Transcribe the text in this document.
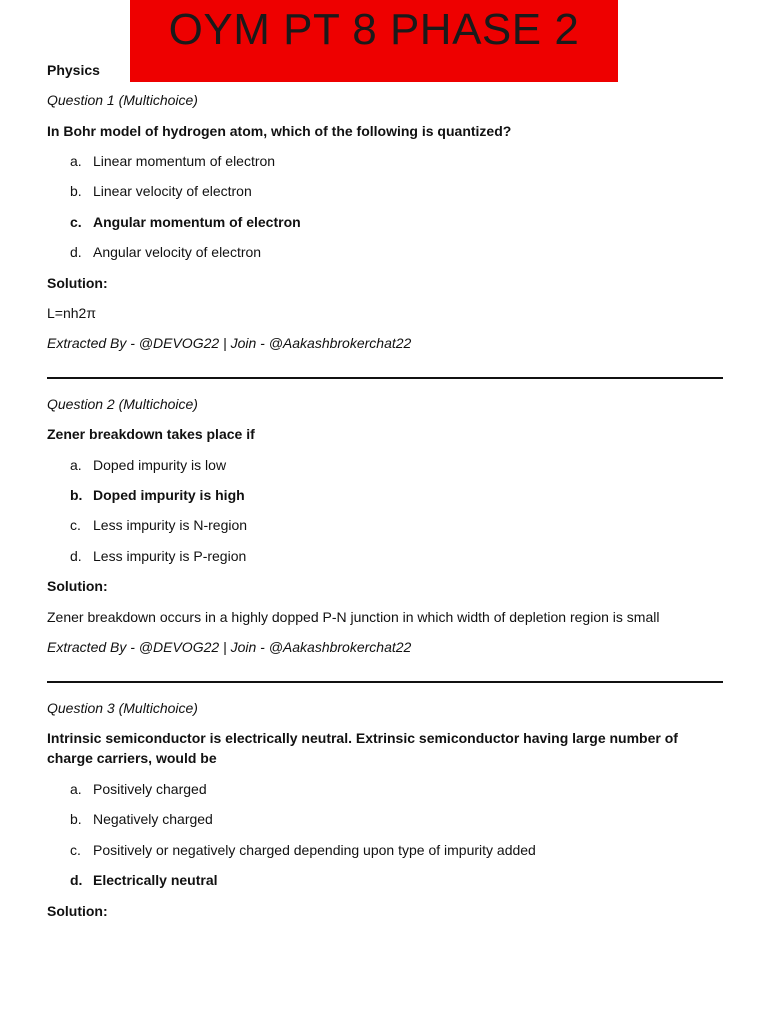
OYM PT 8 PHASE 2
Physics
Question 1 (Multichoice)
In Bohr model of hydrogen atom, which of the following is quantized?
a. Linear momentum of electron
b. Linear velocity of electron
c. Angular momentum of electron
d. Angular velocity of electron
Solution:
L=nh2π
Extracted By - @DEVOG22 | Join - @Aakashbrokerchat22
Question 2 (Multichoice)
Zener breakdown takes place if
a. Doped impurity is low
b. Doped impurity is high
c. Less impurity is N-region
d. Less impurity is P-region
Solution:
Zener breakdown occurs in a highly dopped P-N junction in which width of depletion region is small
Extracted By - @DEVOG22 | Join - @Aakashbrokerchat22
Question 3 (Multichoice)
Intrinsic semiconductor is electrically neutral. Extrinsic semiconductor having large number of charge carriers, would be
a. Positively charged
b. Negatively charged
c. Positively or negatively charged depending upon type of impurity added
d. Electrically neutral
Solution:
